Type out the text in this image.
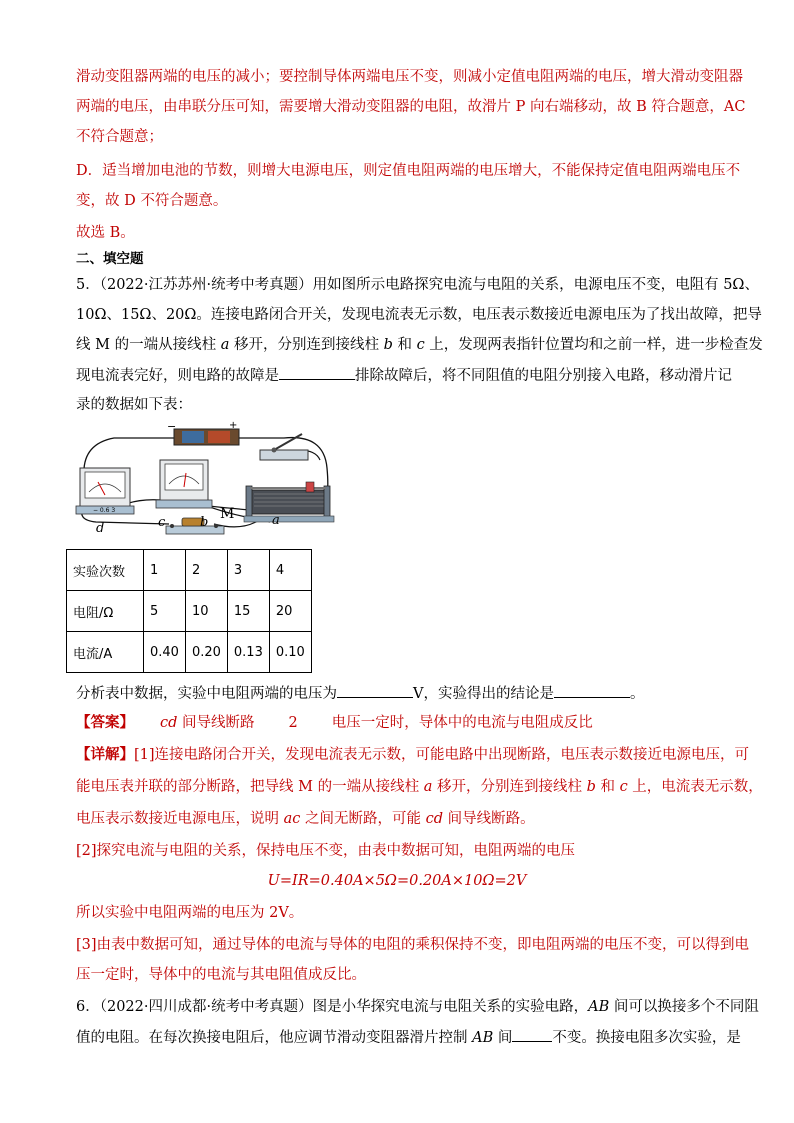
滑动变阻器两端的电压的减小；要控制导体两端电压不变，则减小定值电阻两端的电压，增大滑动变阻器
两端的电压，由串联分压可知，需要增大滑动变阻器的电阻，故滑片 P 向右端移动，故 B 符合题意，AC
不符合题意；
D．适当增加电池的节数，则增大电源电压，则定值电阻两端的电压增大，不能保持定值电阻两端电压不
变，故 D 不符合题意。
故选 B。
二、填空题
5．（2022·江苏苏州·统考中考真题）用如图所示电路探究电流与电阻的关系，电源电压不变，电阻有 5Ω、
10Ω、15Ω、20Ω。连接电路闭合开关，发现电流表无示数，电压表示数接近电源电压为了找出故障，把导
线 M 的一端从接线柱 a 移开，分别连到接线柱 b 和 c 上，发现两表指针位置均和之前一样，进一步检查发
现电流表完好，则电路的故障是	排除故障后，将不同阻值的电阻分别接入电路，移动滑片记
录的数据如下表：
−	+
− 0.6 3
d	c	b
M	a
实验次数	1	2	3	4
电阻/Ω	5	10	15	20
电流/A	0.40	0.20	0.13	0.10
分析表中数据，实验中电阻两端的电压为	V，实验得出的结论是	。
【答案】 cd 间导线断路 2 电压一定时，导体中的电流与电阻成反比
【详解】[1]连接电路闭合开关，发现电流表无示数，可能电路中出现断路，电压表示数接近电源电压，可
能电压表并联的部分断路，把导线 M 的一端从接线柱 a 移开，分别连到接线柱 b 和 c 上，电流表无示数，
电压表示数接近电源电压，说明 ac 之间无断路，可能 cd 间导线断路。
[2]探究电流与电阻的关系，保持电压不变，由表中数据可知，电阻两端的电压
U=IR=0.40A×5Ω=0.20A×10Ω=2V
所以实验中电阻两端的电压为 2V。
[3]由表中数据可知，通过导体的电流与导体的电阻的乘积保持不变，即电阻两端的电压不变，可以得到电
压一定时，导体中的电流与其电阻值成反比。
6．（2022·四川成都·统考中考真题）图是小华探究电流与电阻关系的实验电路，AB 间可以换接多个不同阻
值的电阻。在每次换接电阻后，他应调节滑动变阻器滑片控制 AB 间	不变。换接电阻多次实验，是
